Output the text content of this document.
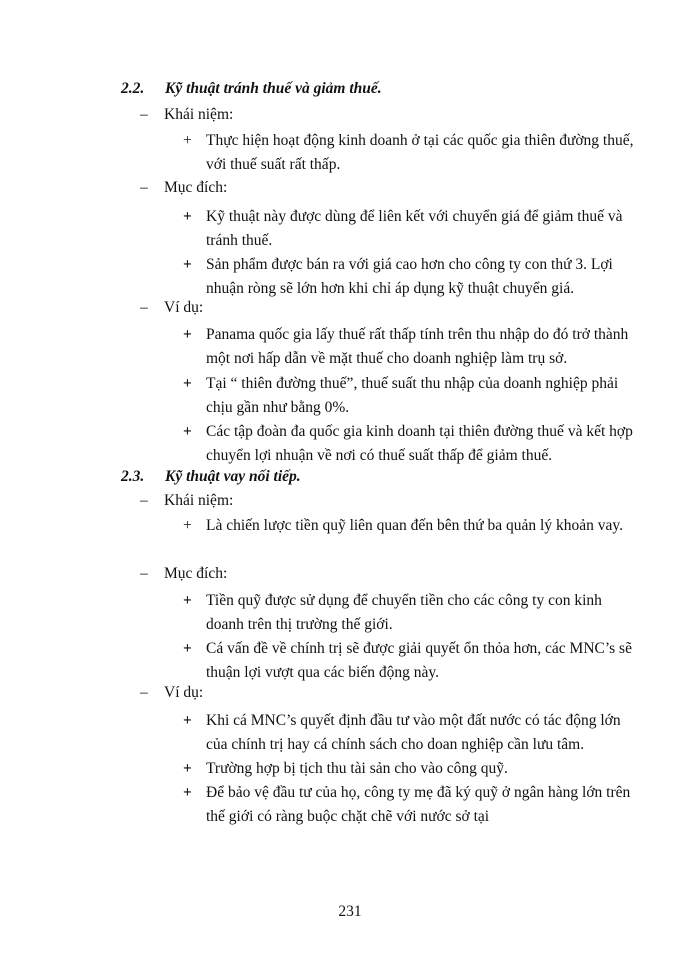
2.2. Kỹ thuật tránh thuế và giảm thuế.
– Khái niệm:
+ Thực hiện hoạt động kinh doanh ở tại các quốc gia thiên đường thuế, với thuế suất rất thấp.
– Mục đích:
+ Kỹ thuật này được dùng để liên kết với chuyển giá để giảm thuế và tránh thuế.
+ Sản phẩm được bán ra với giá cao hơn cho công ty con thứ 3. Lợi nhuận ròng sẽ lớn hơn khi chỉ áp dụng kỹ thuật chuyển giá.
– Ví dụ:
+ Panama quốc gia lấy thuế rất thấp tính trên thu nhập do đó trở thành một nơi hấp dẫn về mặt thuế cho doanh nghiệp làm trụ sở.
+ Tại “ thiên đường thuế”, thuế suất thu nhập của doanh nghiệp phải chịu gần như bằng 0%.
+ Các tập đoàn đa quốc gia kinh doanh tại thiên đường thuế và kết hợp chuyển lợi nhuận về nơi có thuế suất thấp để giảm thuế.
2.3. Kỹ thuật vay nối tiếp.
– Khái niệm:
+ Là chiến lược tiền quỹ liên quan đến bên thứ ba quản lý khoản vay.
– Mục đích:
+ Tiền quỹ được sử dụng để chuyển tiền cho các công ty con kinh doanh trên thị trường thế giới.
+ Cá vấn đề về chính trị sẽ được giải quyết ổn thỏa hơn, các MNC’s sẽ thuận lợi vượt qua các biến động này.
– Ví dụ:
+ Khi cá MNC’s quyết định đầu tư vào một đất nước có tác động lớn của chính trị hay cá chính sách cho doan nghiệp cần lưu tâm.
+ Trường hợp bị tịch thu tài sản cho vào công quỹ.
+ Để bảo vệ đầu tư của họ, công ty mẹ đã ký quỹ ở ngân hàng lớn trên thế giới có ràng buộc chặt chẽ với nước sở tại
231
